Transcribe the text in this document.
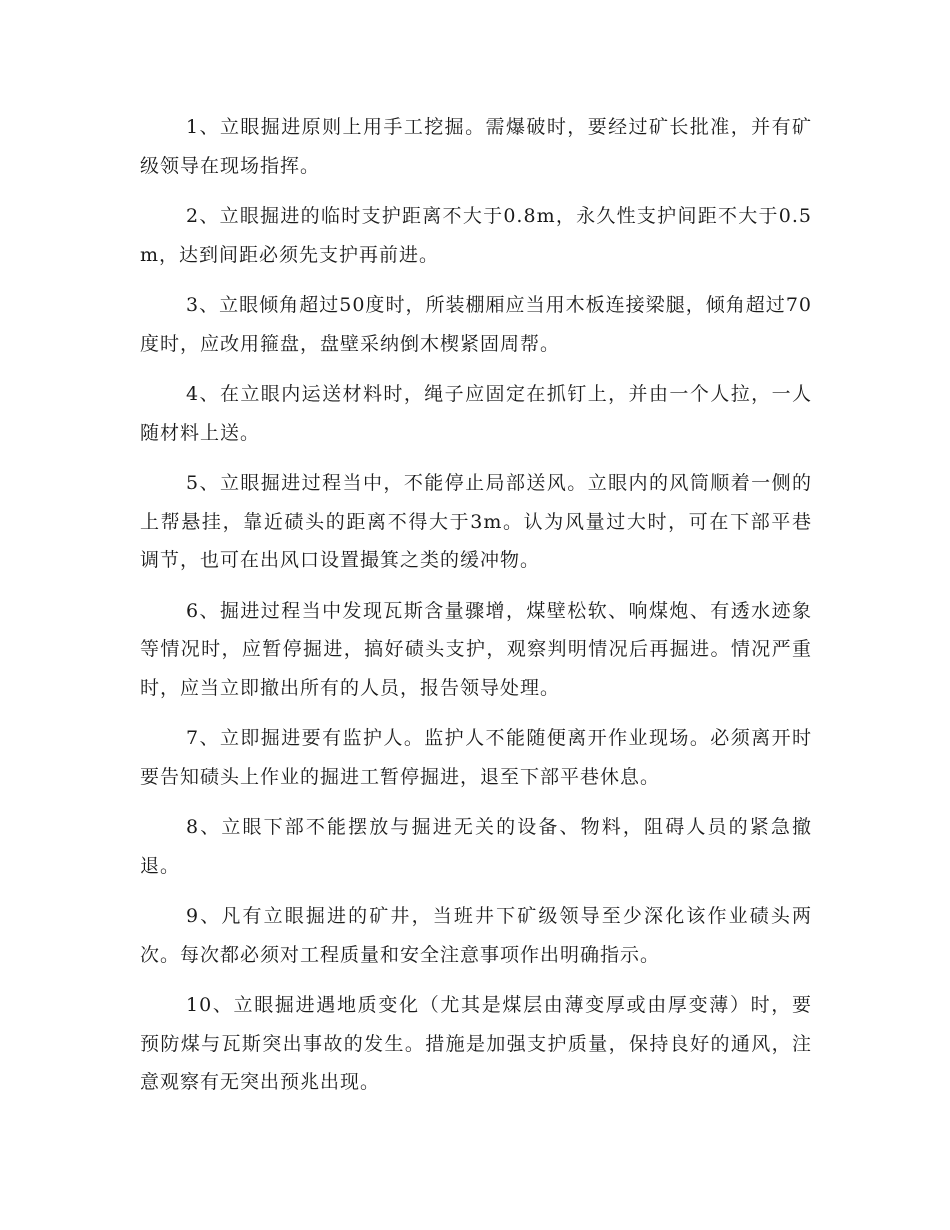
1、立眼掘进原则上用手工挖掘。需爆破时，要经过矿长批准，并有矿级领导在现场指挥。

2、立眼掘进的临时支护距离不大于0.8m，永久性支护间距不大于0.5m，达到间距必须先支护再前进。

3、立眼倾角超过50度时，所装棚厢应当用木板连接梁腿，倾角超过70度时，应改用箍盘，盘壁采纳倒木楔紧固周帮。

4、在立眼内运送材料时，绳子应固定在抓钉上，并由一个人拉，一人随材料上送。

5、立眼掘进过程当中，不能停止局部送风。立眼内的风筒顺着一侧的上帮悬挂，靠近碛头的距离不得大于3m。认为风量过大时，可在下部平巷调节，也可在出风口设置撮箕之类的缓冲物。

6、掘进过程当中发现瓦斯含量骤增，煤壁松软、响煤炮、有透水迹象等情况时，应暂停掘进，搞好碛头支护，观察判明情况后再掘进。情况严重时，应当立即撤出所有的人员，报告领导处理。

7、立即掘进要有监护人。监护人不能随便离开作业现场。必须离开时要告知碛头上作业的掘进工暂停掘进，退至下部平巷休息。

8、立眼下部不能摆放与掘进无关的设备、物料，阻碍人员的紧急撤退。

9、凡有立眼掘进的矿井，当班井下矿级领导至少深化该作业碛头两次。每次都必须对工程质量和安全注意事项作出明确指示。

10、立眼掘进遇地质变化（尤其是煤层由薄变厚或由厚变薄）时，要预防煤与瓦斯突出事故的发生。措施是加强支护质量，保持良好的通风，注意观察有无突出预兆出现。
